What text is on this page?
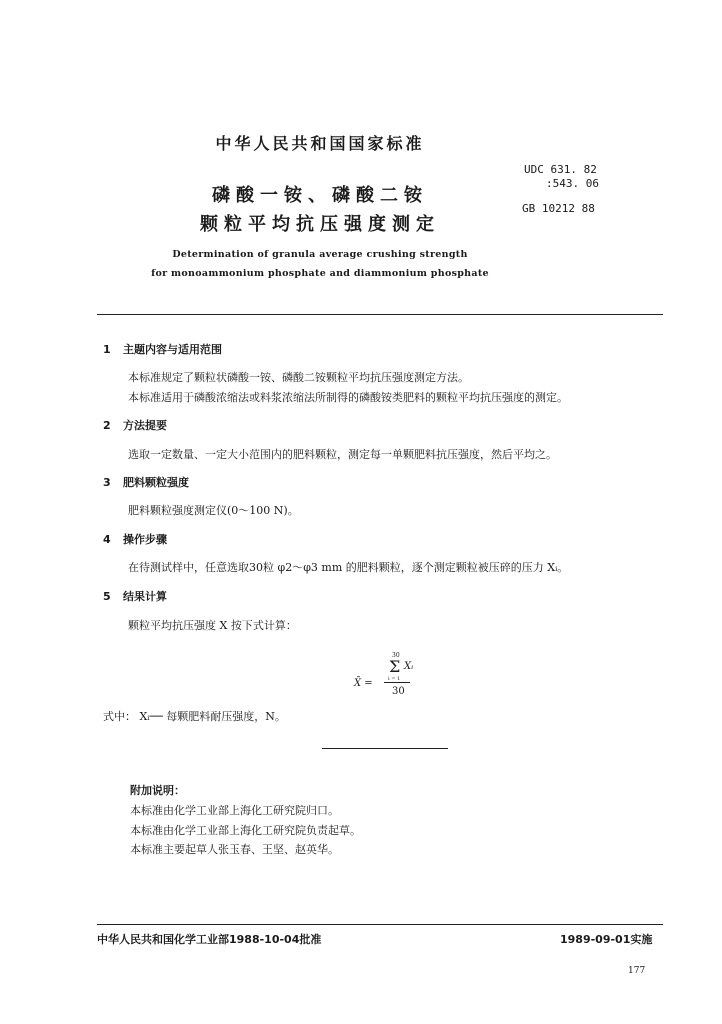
中华人民共和国国家标准
UDC 631. 82
:543. 06
GB 10212 88
磷酸一铵、磷酸二铵
颗粒平均抗压强度测定
Determination of granula average crushing strength
for monoammonium phosphate and diammonium phosphate
1 主题内容与适用范围
本标准规定了颗粒状磷酸一铵、磷酸二铵颗粒平均抗压强度测定方法。
本标准适用于磷酸浓缩法或料浆浓缩法所制得的磷酸铵类肥料的颗粒平均抗压强度的测定。
2 方法提要
选取一定数量、一定大小范围内的肥料颗粒，测定每一单颗肥料抗压强度，然后平均之。
3 肥料颗粒强度
肥料颗粒强度测定仪(0～100 N)。
4 操作步骤
在待测试样中，任意选取30粒 φ2～φ3 mm 的肥料颗粒，逐个测定颗粒被压碎的压力 Xᵢ。
5 结果计算
颗粒平均抗压强度 X 按下式计算：
X̄ =
30
Σ Xᵢ
i = 1
30
式中： Xᵢ── 每颗肥料耐压强度，N。
附加说明：
本标准由化学工业部上海化工研究院归口。
本标准由化学工业部上海化工研究院负责起草。
本标准主要起草人张玉春、王坚、赵英华。
中华人民共和国化学工业部1988-10-04批准	1989-09-01实施
177
